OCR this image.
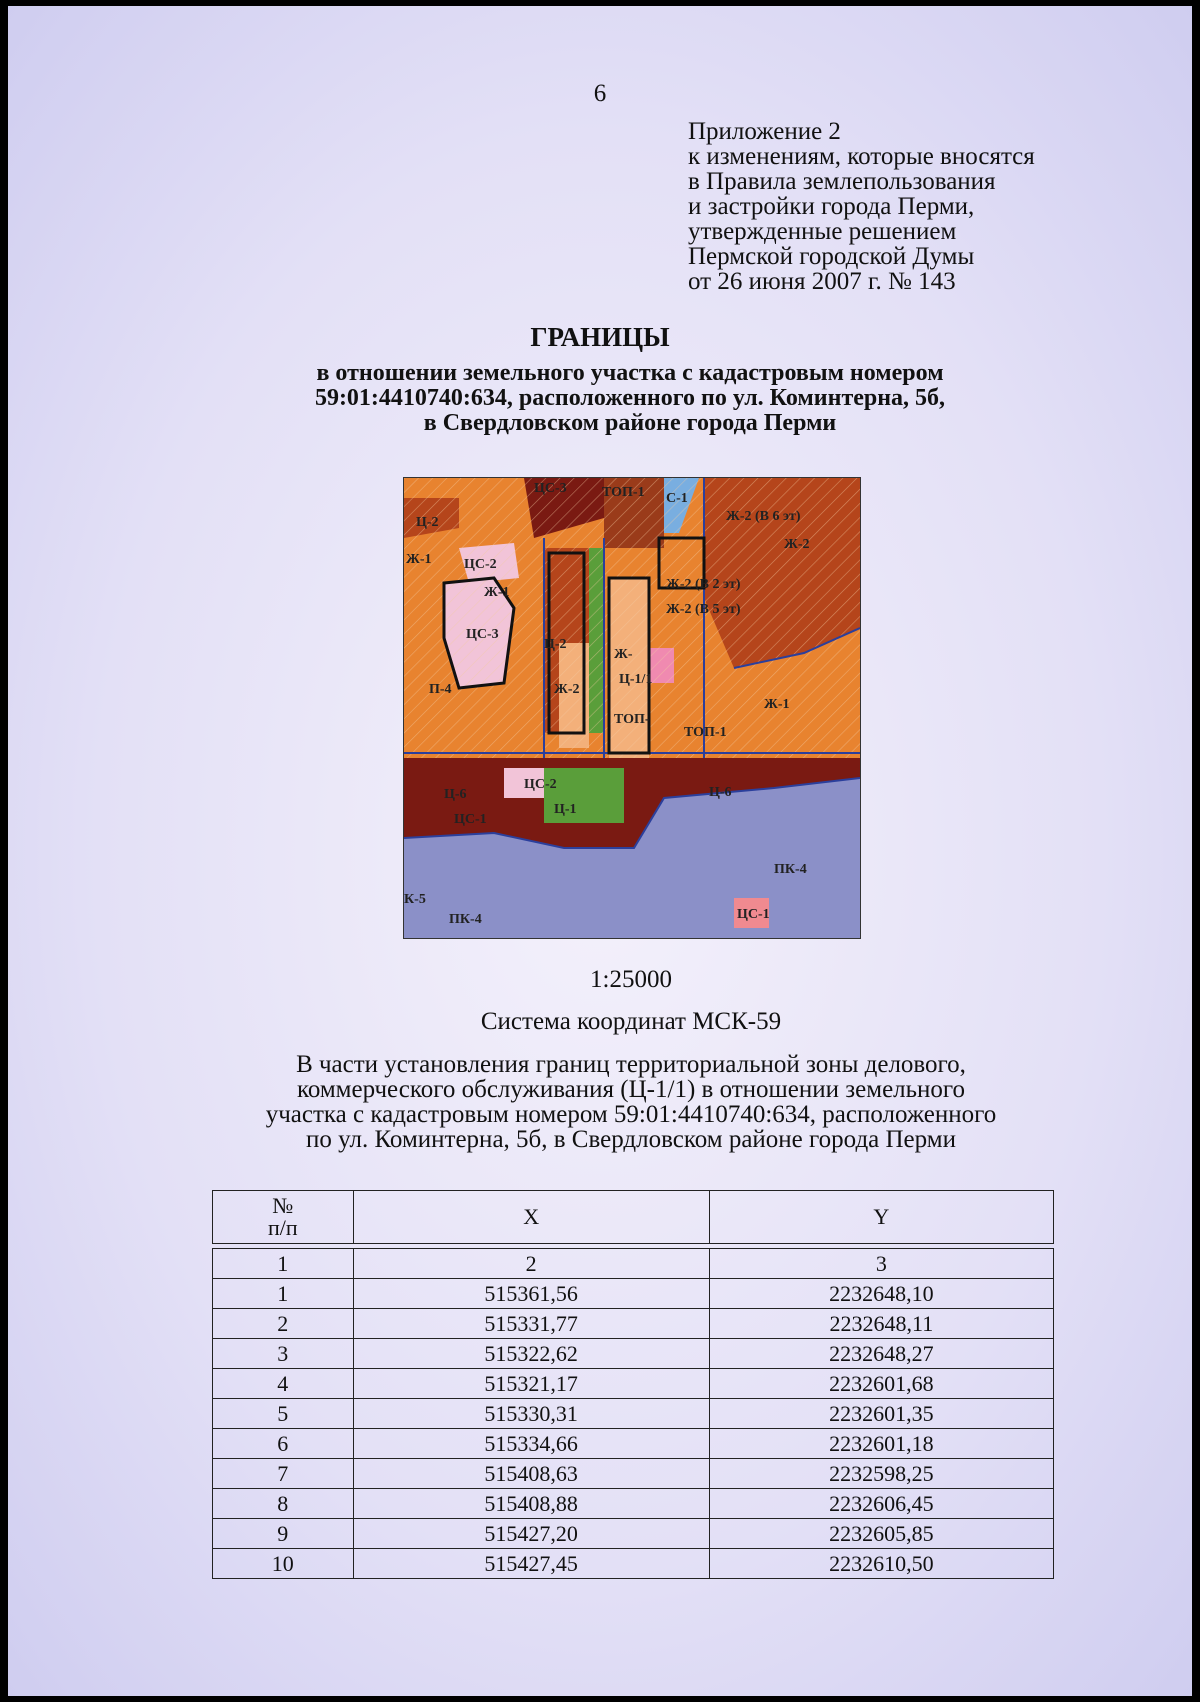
6
Приложение 2
к изменениям, которые вносятся
в Правила землепользования
и застройки города Перми,
утвержденные решением
Пермской городской Думы
от 26 июня 2007 г. № 143
ГРАНИЦЫ
в отношении земельного участка с кадастровым номером
59:01:4410740:634, расположенного по ул. Коминтерна, 5б,
в Свердловском районе города Перми
ЦС-3	ТОП-1 С-1
Ц-2	Ж-2 (В 6 эт)
Ж-2
Ж-1 ЦС-2
Ж-1
ЦС-3
Ж-2 (В 2 эт)
Ж-2 (В 5 эт)
Ц-2
Ж-
Ц-1/1
Ж-2
П-4
ТОП-
ТОП-1
Ж-1
ЦС-2
Ц-6	Ц-6
ЦС-1
Ц-1
ПК-4
ПК-4
К-5
ЦС-1
1:25000
Система координат МСК-59
В части установления границ территориальной зоны делового,
коммерческого обслуживания (Ц-1/1) в отношении земельного
участка с кадастровым номером 59:01:4410740:634, расположенного
по ул. Коминтерна, 5б, в Свердловском районе города Перми
№
п/п	X	Y

1	2	3
1	515361,56	2232648,10
2	515331,77	2232648,11
3	515322,62	2232648,27
4	515321,17	2232601,68
5	515330,31	2232601,35
6	515334,66	2232601,18
7	515408,63	2232598,25
8	515408,88	2232606,45
9	515427,20	2232605,85
10	515427,45	2232610,50
